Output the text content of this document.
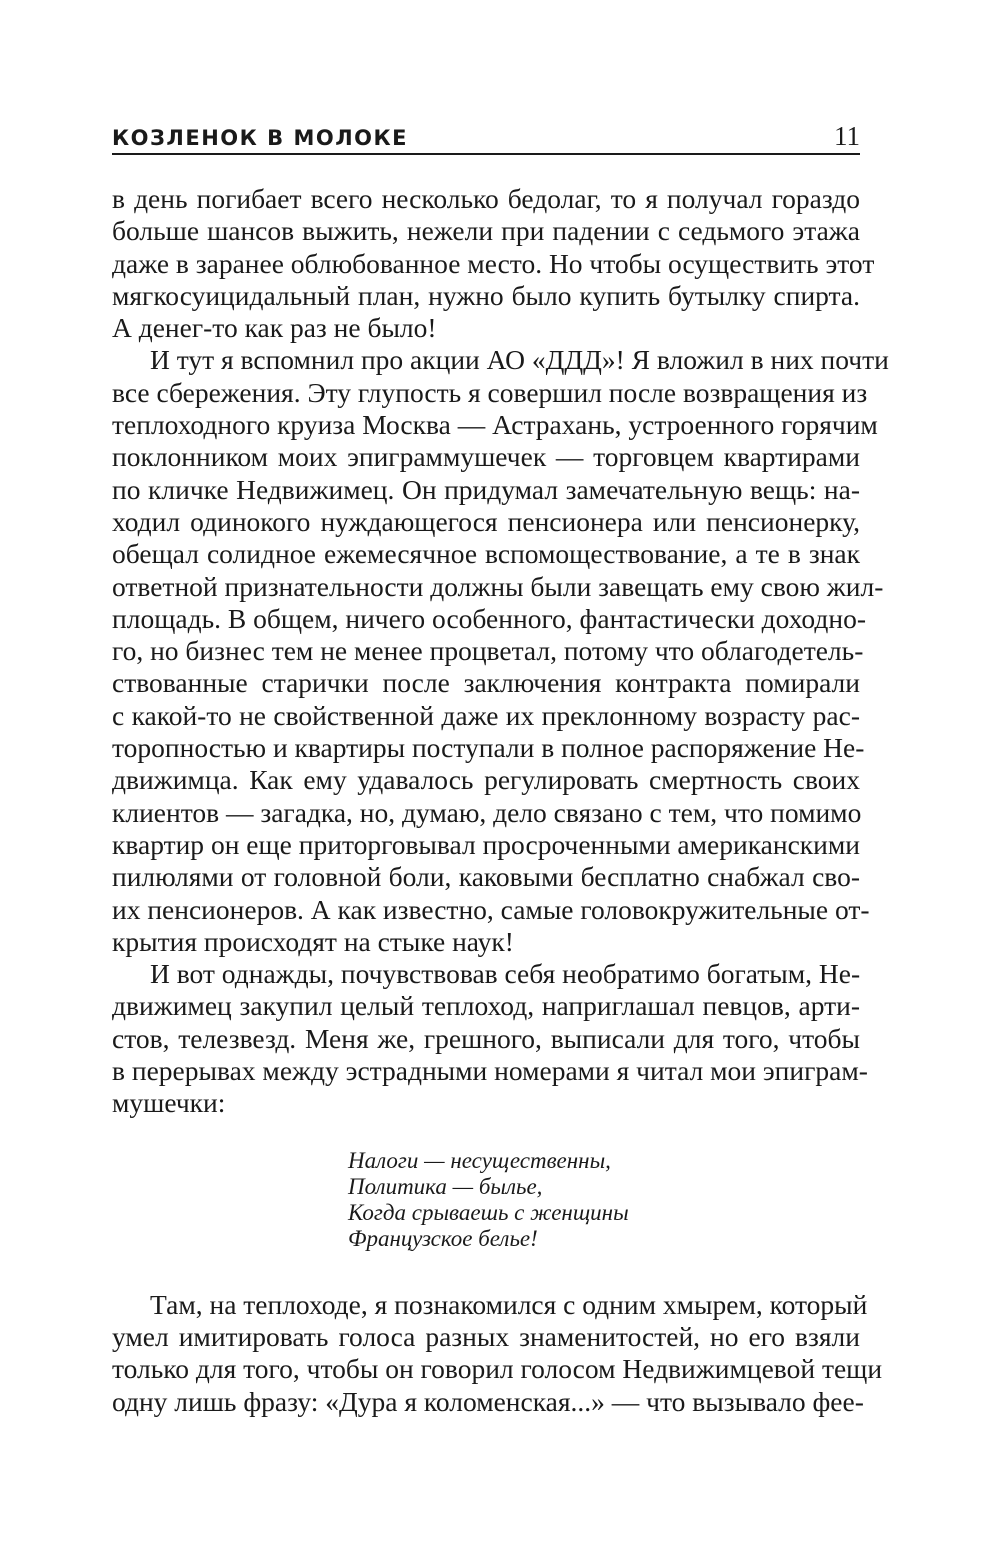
КОЗЛЕНОК В МОЛОКЕ	11

в день погибает всего несколько бедолаг, то я получал гораздо
больше шансов выжить, нежели при падении с седьмого этажа
даже в заранее облюбованное место. Но чтобы осуществить этот
мягкосуицидальный план, нужно было купить бутылку спирта.
А денег-то как раз не было!

И тут я вспомнил про акции АО «ДДД»! Я вложил в них почти
все сбережения. Эту глупость я совершил после возвращения из
теплоходного круиза Москва — Астрахань, устроенного горячим
поклонником моих эпиграммушечек — торговцем квартирами
по кличке Недвижимец. Он придумал замечательную вещь: на-
ходил одинокого нуждающегося пенсионера или пенсионерку,
обещал солидное ежемесячное вспомоществование, а те в знак
ответной признательности должны были завещать ему свою жил-
площадь. В общем, ничего особенного, фантастически доходно-
го, но бизнес тем не менее процветал, потому что облагодетель-
ствованные старички после заключения контракта помирали
с какой-то не свойственной даже их преклонному возрасту рас-
торопностью и квартиры поступали в полное распоряжение Не-
движимца. Как ему удавалось регулировать смертность своих
клиентов — загадка, но, думаю, дело связано с тем, что помимо
квартир он еще приторговывал просроченными американскими
пилюлями от головной боли, каковыми бесплатно снабжал сво-
их пенсионеров. А как известно, самые головокружительные от-
крытия происходят на стыке наук!

И вот однажды, почувствовав себя необратимо богатым, Не-
движимец закупил целый теплоход, наприглашал певцов, арти-
стов, телезвезд. Меня же, грешного, выписали для того, чтобы
в перерывах между эстрадными номерами я читал мои эпиграм-
мушечки:

Налоги — несущественны,
Политика — былье,
Когда срываешь с женщины
Французское белье!

Там, на теплоходе, я познакомился с одним хмырем, который
умел имитировать голоса разных знаменитостей, но его взяли
только для того, чтобы он говорил голосом Недвижимцевой тещи
одну лишь фразу: «Дура я коломенская...» — что вызывало фее-
